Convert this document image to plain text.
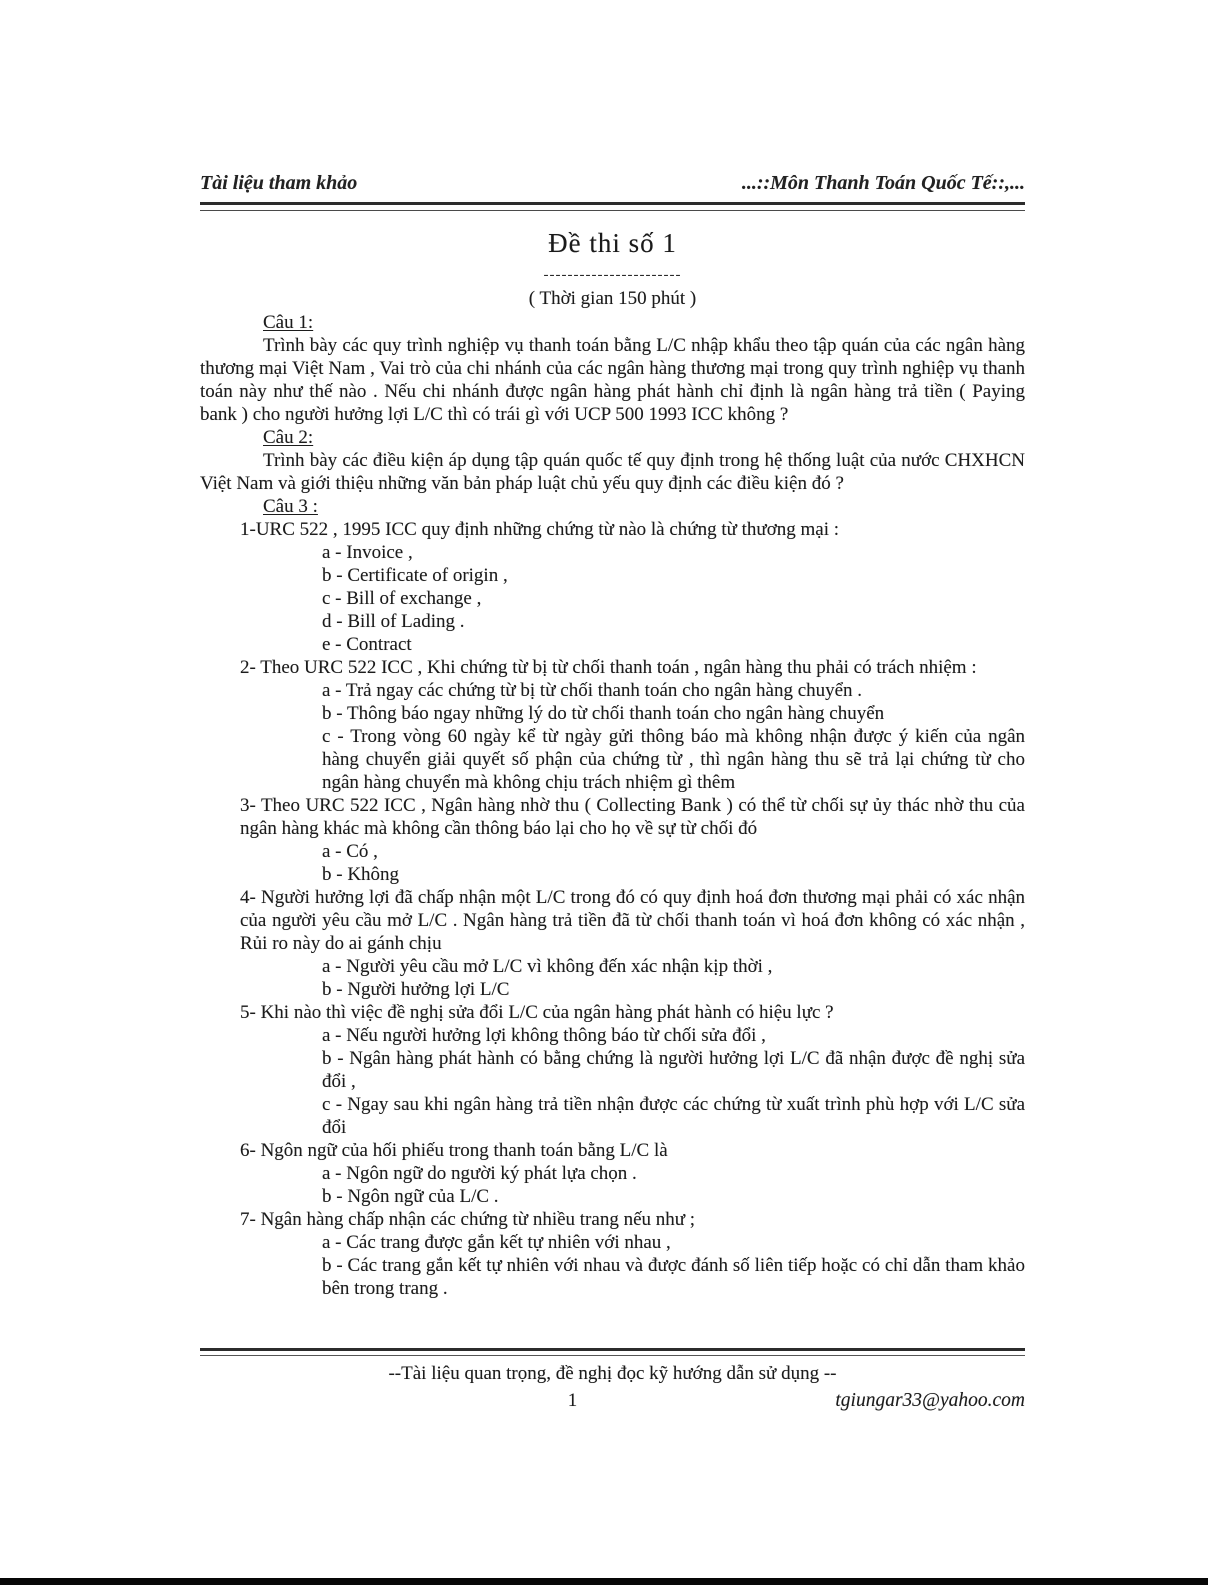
Tài liệu tham khảo	...::Môn Thanh Toán Quốc Tế::,...
Đề thi số 1
-----------------------
( Thời gian 150 phút )
Câu 1:
Trình bày các quy trình nghiệp vụ thanh toán bằng L/C nhập khẩu theo tập quán của các ngân hàng thương mại Việt Nam , Vai trò của chi nhánh của các ngân hàng thương mại trong quy trình nghiệp vụ thanh toán này như thế nào . Nếu chi nhánh được ngân hàng phát hành chỉ định là ngân hàng trả tiền ( Paying bank ) cho người hưởng lợi L/C thì có trái gì với UCP 500 1993 ICC không ?
Câu 2:
Trình bày các điều kiện áp dụng tập quán quốc tế quy định trong hệ thống luật của nước CHXHCN Việt Nam và giới thiệu những văn bản pháp luật chủ yếu quy định các điều kiện đó ?
Câu 3 :
1-URC 522 , 1995 ICC quy định những chứng từ nào là chứng từ thương mại :
a - Invoice ,
b - Certificate of origin ,
c - Bill of exchange ,
d - Bill of Lading .
e - Contract
2- Theo URC 522 ICC , Khi chứng từ bị từ chối thanh toán , ngân hàng thu phải có trách nhiệm :
a - Trả ngay các chứng từ bị từ chối thanh toán cho ngân hàng chuyển .
b - Thông báo ngay những lý do từ chối thanh toán cho ngân hàng chuyển
c - Trong vòng 60 ngày kể từ ngày gửi thông báo mà không nhận được ý kiến của ngân hàng chuyển giải quyết số phận của chứng từ , thì ngân hàng thu sẽ trả lại chứng từ cho ngân hàng chuyển mà không chịu trách nhiệm gì thêm
3- Theo URC 522 ICC , Ngân hàng nhờ thu ( Collecting Bank ) có thể từ chối sự ủy thác nhờ thu của ngân hàng khác mà không cần thông báo lại cho họ về sự từ chối đó
a - Có ,
b - Không
4- Người hưởng lợi đã chấp nhận một L/C trong đó có quy định hoá đơn thương mại phải có xác nhận của người yêu cầu mở L/C . Ngân hàng trả tiền đã từ chối thanh toán vì hoá đơn không có xác nhận , Rủi ro này do ai gánh chịu
a - Người yêu cầu mở L/C vì không đến xác nhận kịp thời ,
b - Người hưởng lợi L/C
5- Khi nào thì việc đề nghị sửa đổi L/C của ngân hàng phát hành có hiệu lực ?
a - Nếu người hưởng lợi không thông báo từ chối sửa đổi ,
b - Ngân hàng phát hành có bằng chứng là người hưởng lợi L/C đã nhận được đề nghị sửa đổi ,
c - Ngay sau khi ngân hàng trả tiền nhận được các chứng từ xuất trình phù hợp với L/C sửa đổi
6- Ngôn ngữ của hối phiếu trong thanh toán bằng L/C là
a - Ngôn ngữ do người ký phát lựa chọn .
b - Ngôn ngữ của L/C .
7- Ngân hàng chấp nhận các chứng từ nhiều trang nếu như ;
a - Các trang được gắn kết tự nhiên với nhau ,
b - Các trang gắn kết tự nhiên với nhau và được đánh số liên tiếp hoặc có chỉ dẫn tham khảo bên trong trang .
--Tài liệu quan trọng, đề nghị đọc kỹ hướng dẫn sử dụng --
1	tgiungar33@yahoo.com
